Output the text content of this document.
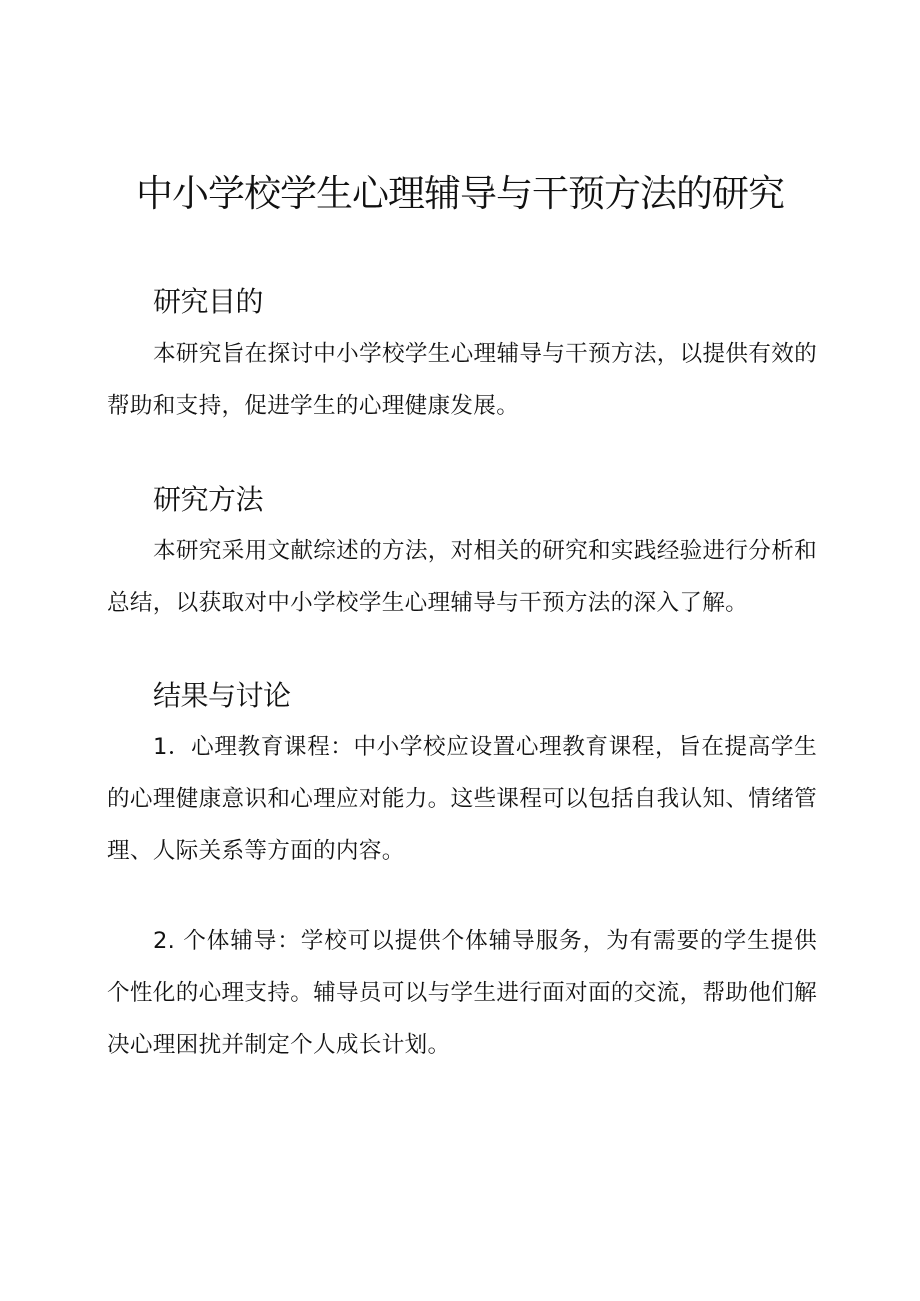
中小学校学生心理辅导与干预方法的研究
研究目的

本研究旨在探讨中小学校学生心理辅导与干预方法，以提供有效的帮助和支持，促进学生的心理健康发展。

研究方法

本研究采用文献综述的方法，对相关的研究和实践经验进行分析和总结，以获取对中小学校学生心理辅导与干预方法的深入了解。

结果与讨论

1．心理教育课程：中小学校应设置心理教育课程，旨在提高学生的心理健康意识和心理应对能力。这些课程可以包括自我认知、情绪管理、人际关系等方面的内容。

2. 个体辅导：学校可以提供个体辅导服务，为有需要的学生提供个性化的心理支持。辅导员可以与学生进行面对面的交流，帮助他们解决心理困扰并制定个人成长计划。
